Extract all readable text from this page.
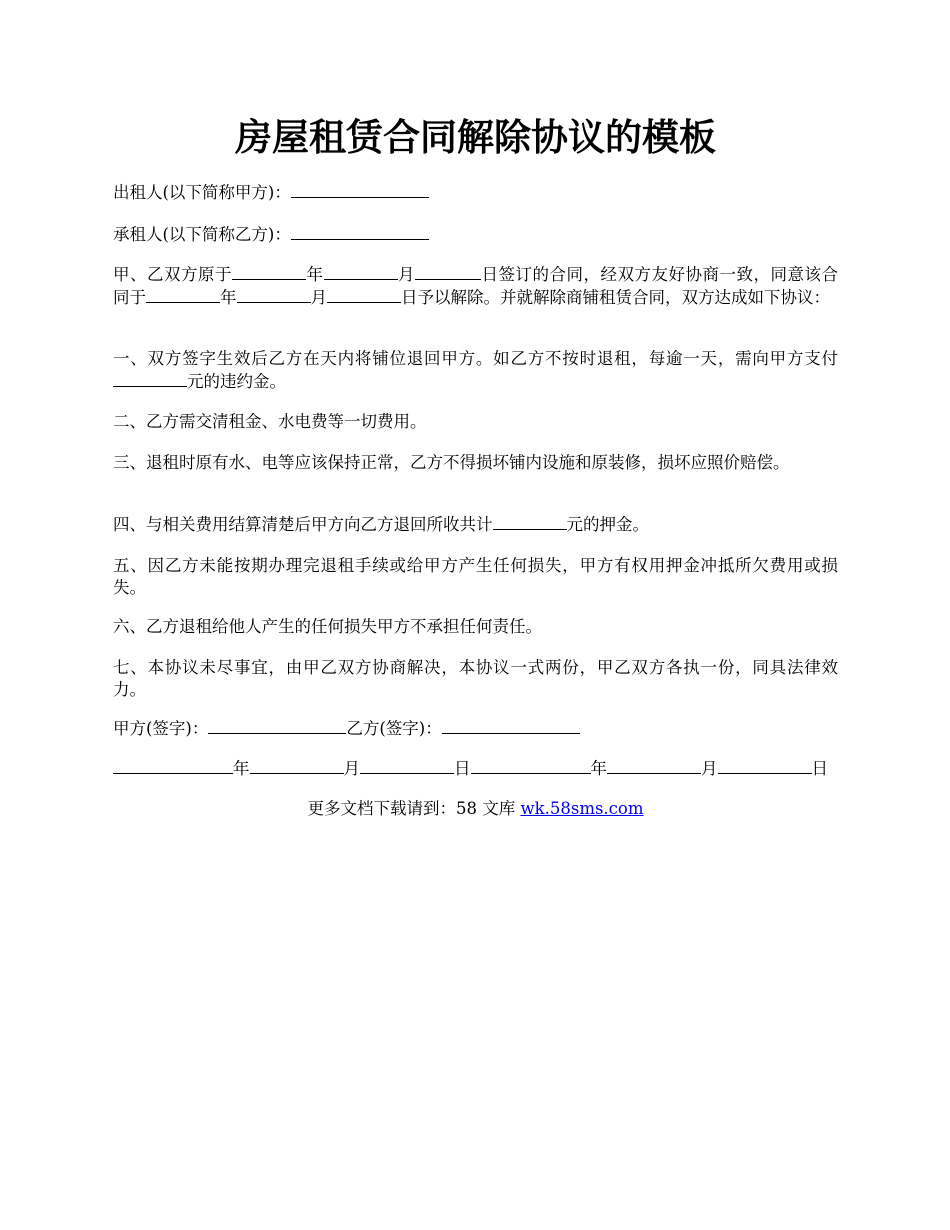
房屋租赁合同解除协议的模板

出租人(以下简称甲方)：

承租人(以下简称乙方)：

甲、乙双方原于	年	月	日签订的合同，经双方友好协商一致，同意该合同于	年	月	日予以解除。并就解除商铺租赁合同，双方达成如下协议：

一、双方签字生效后乙方在天内将铺位退回甲方。如乙方不按时退租，每逾一天，需向甲方支付元的违约金。

二、乙方需交清租金、水电费等一切费用。

三、退租时原有水、电等应该保持正常，乙方不得损坏铺内设施和原装修，损坏应照价赔偿。

四、与相关费用结算清楚后甲方向乙方退回所收共计	元的押金。

五、因乙方未能按期办理完退租手续或给甲方产生任何损失，甲方有权用押金冲抵所欠费用或损失。

六、乙方退租给他人产生的任何损失甲方不承担任何责任。

七、本协议未尽事宜，由甲乙双方协商解决，本协议一式两份，甲乙双方各执一份，同具法律效力。

甲方(签字)：	乙方(签字)：

年	月	日	年	月	日
更多文档下载请到：58 文库 wk.58sms.com
